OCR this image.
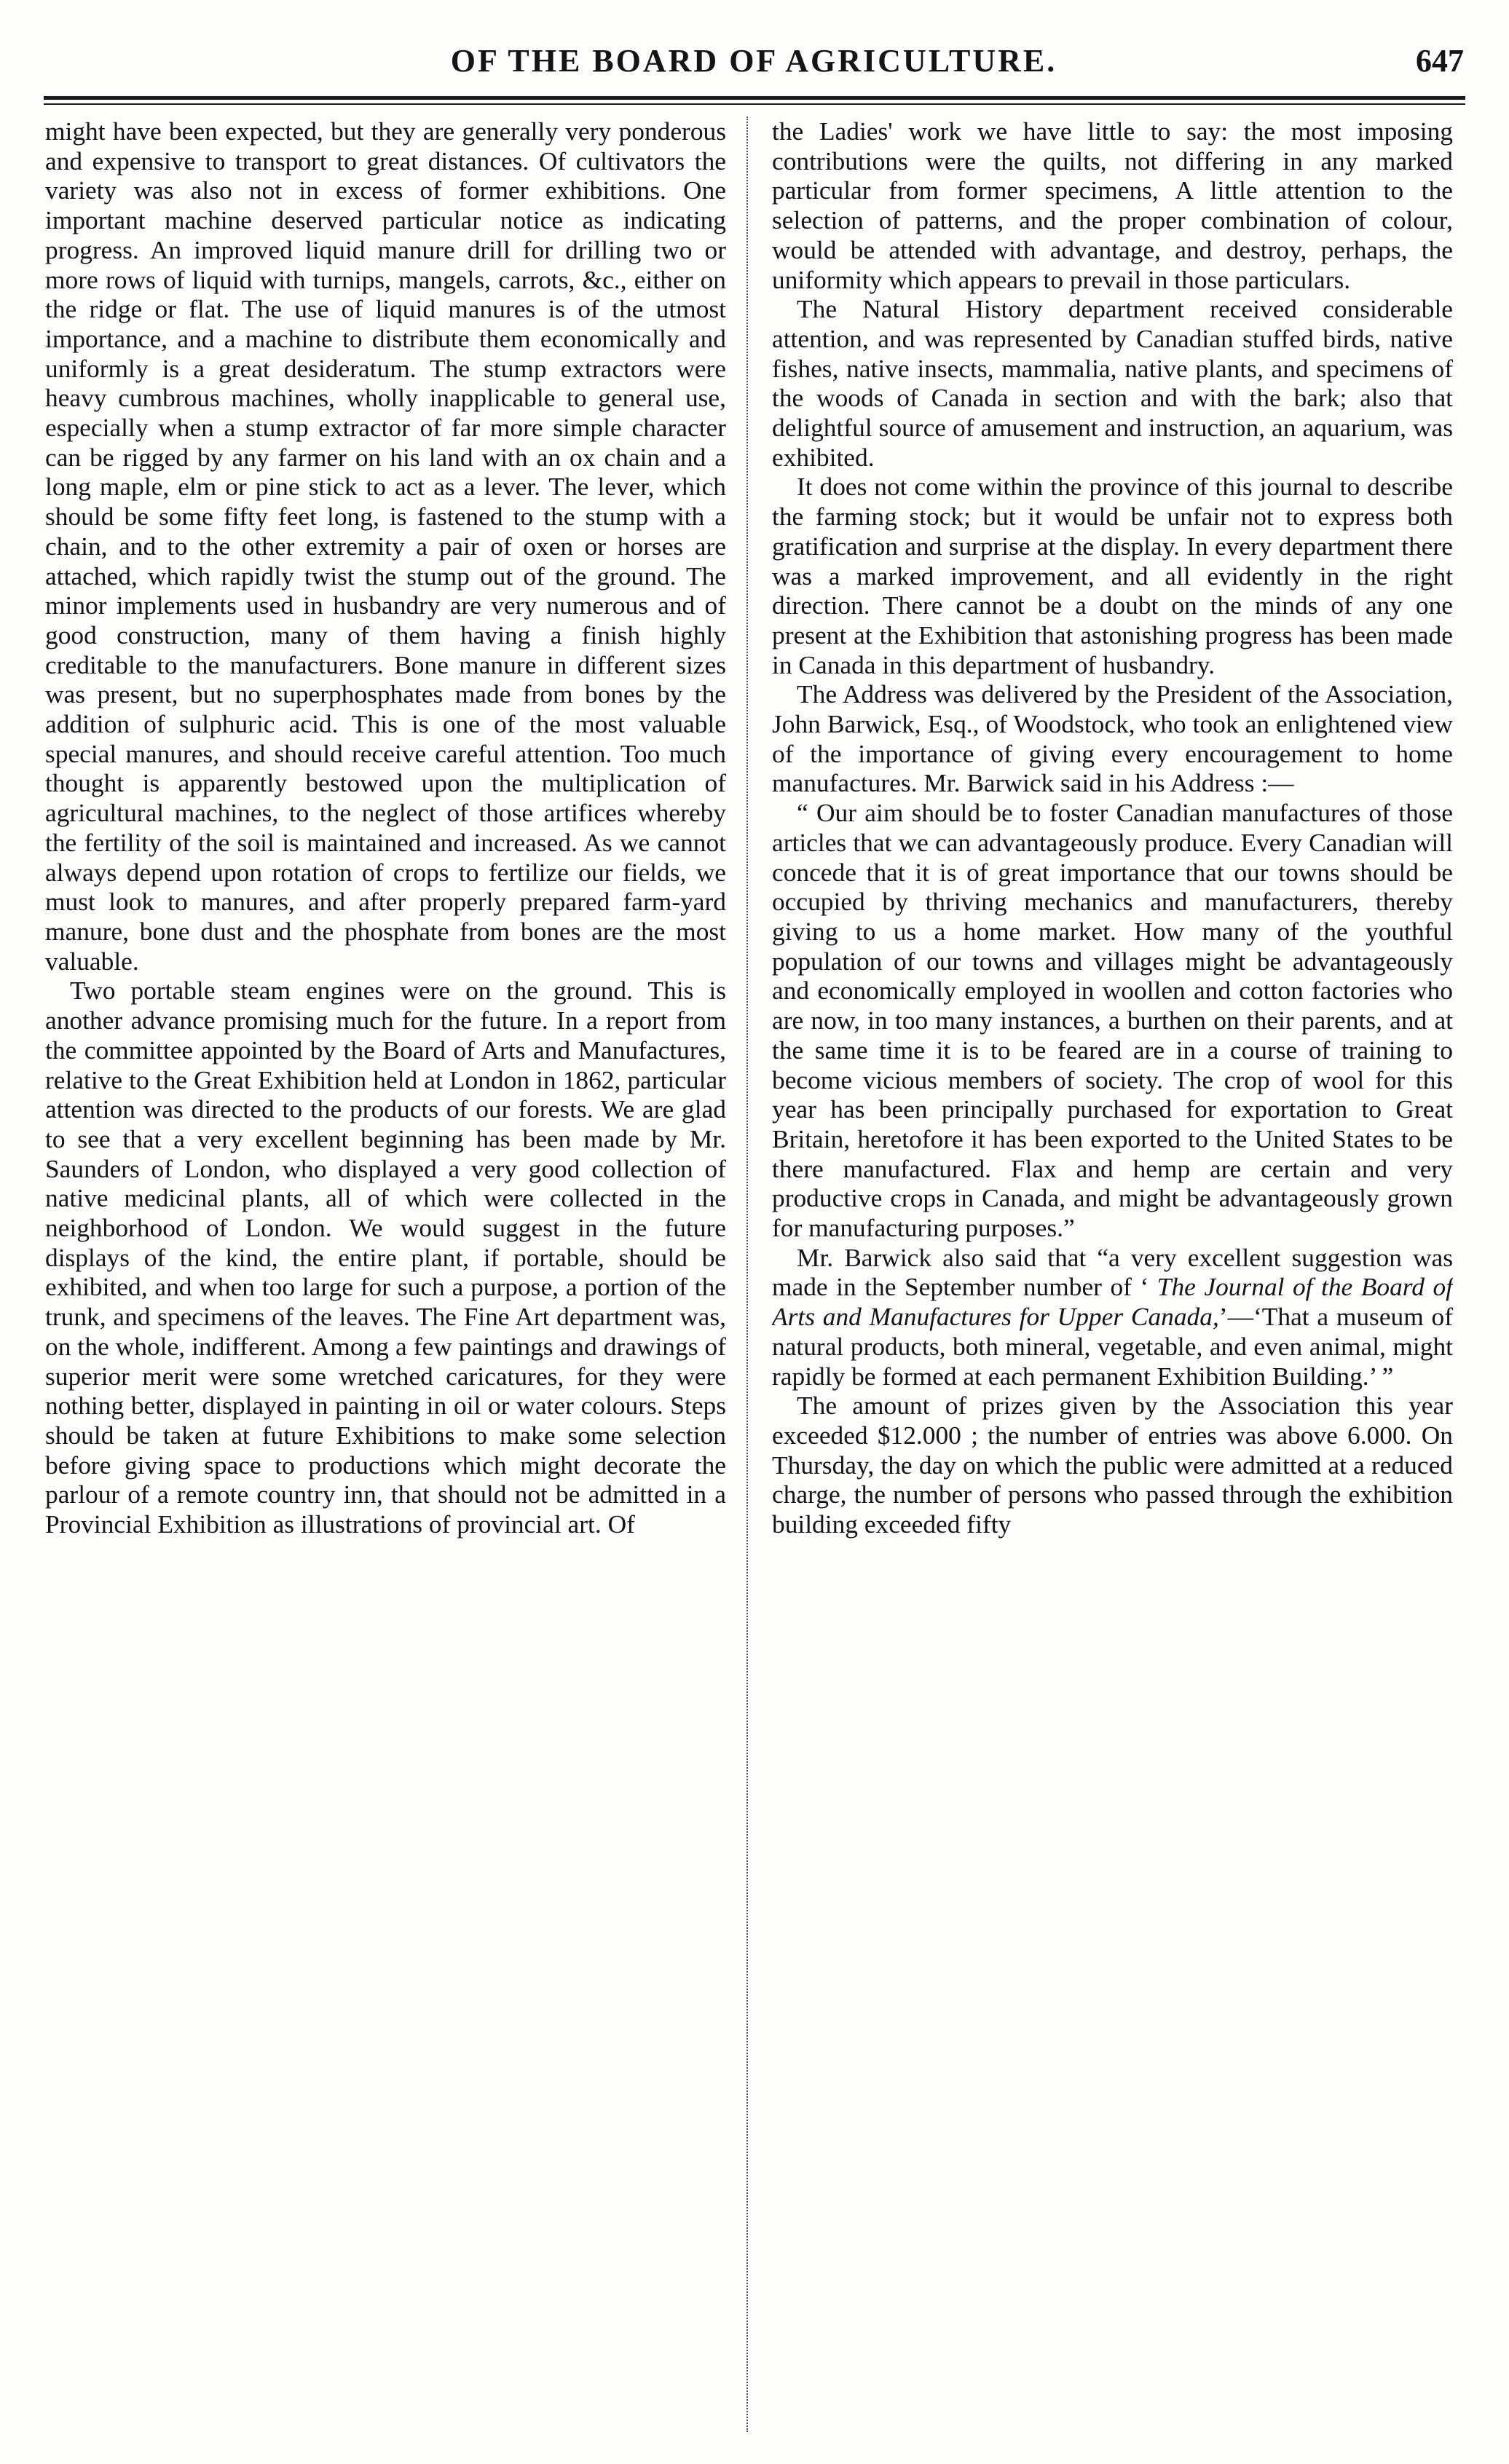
OF THE BOARD OF AGRICULTURE.	647

might have been expected, but they are generally very ponderous and expensive to transport to great distances. Of cultivators the variety was also not in excess of former exhibitions. One important machine deserved particular notice as indicating progress. An improved liquid manure drill for drilling two or more rows of liquid with turnips, mangels, carrots, &c., either on the ridge or flat. The use of liquid manures is of the utmost importance, and a machine to distribute them economically and uniformly is a great desideratum. The stump extractors were heavy cumbrous machines, wholly inapplicable to general use, especially when a stump extractor of far more simple character can be rigged by any farmer on his land with an ox chain and a long maple, elm or pine stick to act as a lever. The lever, which should be some fifty feet long, is fastened to the stump with a chain, and to the other extremity a pair of oxen or horses are attached, which rapidly twist the stump out of the ground. The minor implements used in husbandry are very numerous and of good construction, many of them having a finish highly creditable to the manufacturers. Bone manure in different sizes was present, but no superphosphates made from bones by the addition of sulphuric acid. This is one of the most valuable special manures, and should receive careful attention. Too much thought is apparently bestowed upon the multiplication of agricultural machines, to the neglect of those artifices whereby the fertility of the soil is maintained and increased. As we cannot always depend upon rotation of crops to fertilize our fields, we must look to manures, and after properly prepared farm-yard manure, bone dust and the phosphate from bones are the most valuable.

Two portable steam engines were on the ground. This is another advance promising much for the future. In a report from the committee appointed by the Board of Arts and Manufactures, relative to the Great Exhibition held at London in 1862, particular attention was directed to the products of our forests. We are glad to see that a very excellent beginning has been made by Mr. Saunders of London, who displayed a very good collection of native medicinal plants, all of which were collected in the neighborhood of London. We would suggest in the future displays of the kind, the entire plant, if portable, should be exhibited, and when too large for such a purpose, a portion of the trunk, and specimens of the leaves. The Fine Art department was, on the whole, indifferent. Among a few paintings and drawings of superior merit were some wretched caricatures, for they were nothing better, displayed in painting in oil or water colours. Steps should be taken at future Exhibitions to make some selection before giving space to productions which might decorate the parlour of a remote country inn, that should not be admitted in a Provincial Exhibition as illustrations of provincial art. Of

the Ladies' work we have little to say: the most imposing contributions were the quilts, not differing in any marked particular from former specimens, A little attention to the selection of patterns, and the proper combination of colour, would be attended with advantage, and destroy, perhaps, the uniformity which appears to prevail in those particulars.

The Natural History department received considerable attention, and was represented by Canadian stuffed birds, native fishes, native insects, mammalia, native plants, and specimens of the woods of Canada in section and with the bark; also that delightful source of amusement and instruction, an aquarium, was exhibited.

It does not come within the province of this journal to describe the farming stock; but it would be unfair not to express both gratification and surprise at the display. In every department there was a marked improvement, and all evidently in the right direction. There cannot be a doubt on the minds of any one present at the Exhibition that astonishing progress has been made in Canada in this department of husbandry.

The Address was delivered by the President of the Association, John Barwick, Esq., of Woodstock, who took an enlightened view of the importance of giving every encouragement to home manufactures. Mr. Barwick said in his Address :—

“ Our aim should be to foster Canadian manufactures of those articles that we can advantageously produce. Every Canadian will concede that it is of great importance that our towns should be occupied by thriving mechanics and manufacturers, thereby giving to us a home market. How many of the youthful population of our towns and villages might be advantageously and economically employed in woollen and cotton factories who are now, in too many instances, a burthen on their parents, and at the same time it is to be feared are in a course of training to become vicious members of society. The crop of wool for this year has been principally purchased for exportation to Great Britain, heretofore it has been exported to the United States to be there manufactured. Flax and hemp are certain and very productive crops in Canada, and might be advantageously grown for manufacturing purposes.”

Mr. Barwick also said that “a very excellent suggestion was made in the September number of ‘ The Journal of the Board of Arts and Manufactures for Upper Canada,’—‘That a museum of natural products, both mineral, vegetable, and even animal, might rapidly be formed at each permanent Exhibition Building.’ ”

The amount of prizes given by the Association this year exceeded $12.000 ; the number of entries was above 6.000. On Thursday, the day on which the public were admitted at a reduced charge, the number of persons who passed through the exhibition building exceeded fifty
